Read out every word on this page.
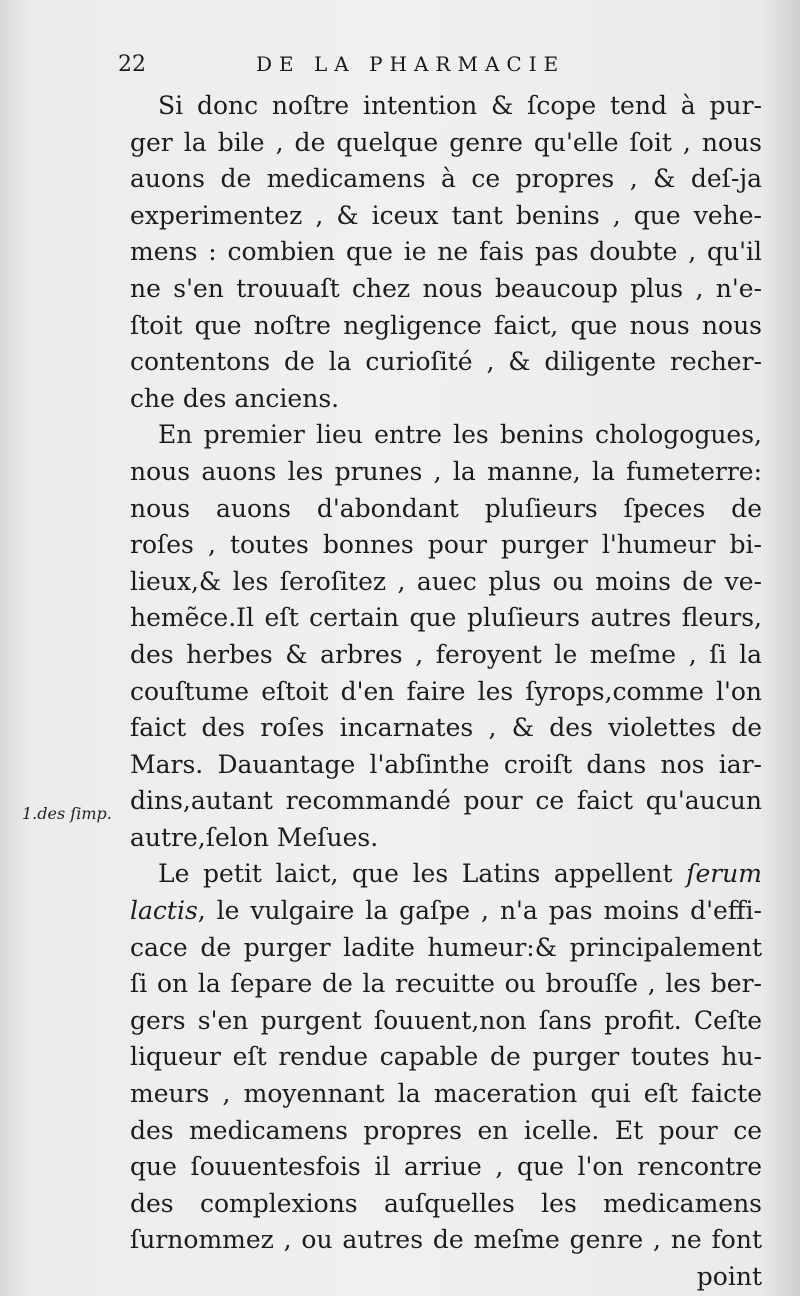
22	DE LA PHARMACIE
1.des ſimp.
Si donc noſtre intention & ſcope tend à pur-
ger la bile , de quelque genre qu'elle ſoit , nous
auons de medicamens à ce propres , & deſ-ja
experimentez , & iceux tant benins , que vehe-
mens : combien que ie ne fais pas doubte , qu'il
ne s'en trouuaſt chez nous beaucoup plus , n'e-
ſtoit que noſtre negligence faict, que nous nous
contentons de la curioſité , & diligente recher-
che des anciens.
En premier lieu entre les benins chologogues,
nous auons les prunes , la manne, la fumeterre:
nous auons d'abondant pluſieurs ſpeces de
roſes , toutes bonnes pour purger l'humeur bi-
lieux,& les ſeroſitez , auec plus ou moins de ve-
hemẽce.Il eſt certain que pluſieurs autres fleurs,
des herbes & arbres , feroyent le meſme , ſi la
couſtume eſtoit d'en faire les ſyrops,comme l'on
faict des roſes incarnates , & des violettes de
Mars. Dauantage l'abſinthe croiſt dans nos iar-
dins,autant recommandé pour ce faict qu'aucun
autre,ſelon Meſues.
Le petit laict, que les Latins appellent ſerum
lactis, le vulgaire la gaſpe , n'a pas moins d'effi-
cace de purger ladite humeur:& principalement
ſi on la ſepare de la recuitte ou brouſſe , les ber-
gers s'en purgent ſouuent,non ſans profit. Ceſte
liqueur eſt rendue capable de purger toutes hu-
meurs , moyennant la maceration qui eſt faicte
des medicamens propres en icelle. Et pour ce
que ſouuentesfois il arriue , que l'on rencontre
des complexions auſquelles les medicamens
ſurnommez , ou autres de meſme genre , ne font
point
